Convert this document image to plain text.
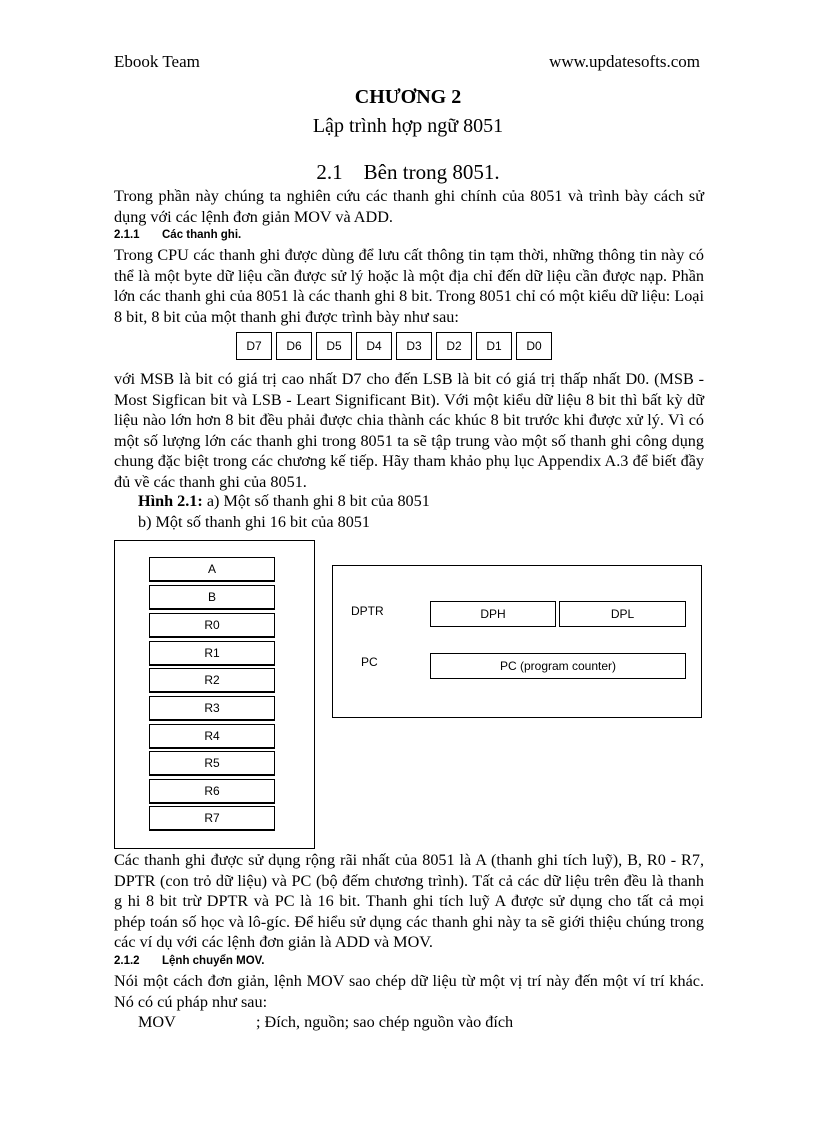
Ebook Team	www.updatesofts.com
CHƯƠNG 2
Lập trình hợp ngữ 8051
2.1 Bên trong 8051.
Trong phần này chúng ta nghiên cứu các thanh ghi chính của 8051 và trình bày cách sử dụng với các lệnh đơn giản MOV và ADD.
2.1.1 Các thanh ghi.
Trong CPU các thanh ghi được dùng để lưu cất thông tin tạm thời, những thông tin này có thể là một byte dữ liệu cần được sử lý hoặc là một địa chỉ đến dữ liệu cần được nạp. Phần lớn các thanh ghi của 8051 là các thanh ghi 8 bit. Trong 8051 chỉ có một kiểu dữ liệu: Loại 8 bit, 8 bit của một thanh ghi được trình bày như sau:
D7	D6	D5	D4	D3	D2	D1	D0
với MSB là bit có giá trị cao nhất D7 cho đến LSB là bit có giá trị thấp nhất D0. (MSB - Most Sigfican bit và LSB - Leart Significant Bit). Với một kiểu dữ liệu 8 bit thì bất kỳ dữ liệu nào lớn hơn 8 bit đều phải được chia thành các khúc 8 bit trước khi được xử lý. Vì có một số lượng lớn các thanh ghi trong 8051 ta sẽ tập trung vào một số thanh ghi công dụng chung đặc biệt trong các chương kế tiếp. Hãy tham khảo phụ lục Appendix A.3 để biết đầy đủ về các thanh ghi của 8051.
Hình 2.1: a) Một số thanh ghi 8 bit của 8051
b) Một số thanh ghi 16 bit của 8051
A
B
R0
R1
R2
R3
R4
R5
R6
R7
DPTR	DPH	DPL
PC	PC (program counter)
Các thanh ghi được sử dụng rộng rãi nhất của 8051 là A (thanh ghi tích luỹ), B, R0 - R7, DPTR (con trỏ dữ liệu) và PC (bộ đếm chương trình). Tất cả các dữ liệu trên đều là thanh g hi 8 bit trừ DPTR và PC là 16 bit. Thanh ghi tích luỹ A được sử dụng cho tất cả mọi phép toán số học và lô-gíc. Để hiểu sử dụng các thanh ghi này ta sẽ giới thiệu chúng trong các ví dụ với các lệnh đơn giản là ADD và MOV.
2.1.2 Lệnh chuyển MOV.
Nói một cách đơn giản, lệnh MOV sao chép dữ liệu từ một vị trí này đến một ví trí khác. Nó có cú pháp như sau:
MOV	; Đích, nguồn; sao chép nguồn vào đích
